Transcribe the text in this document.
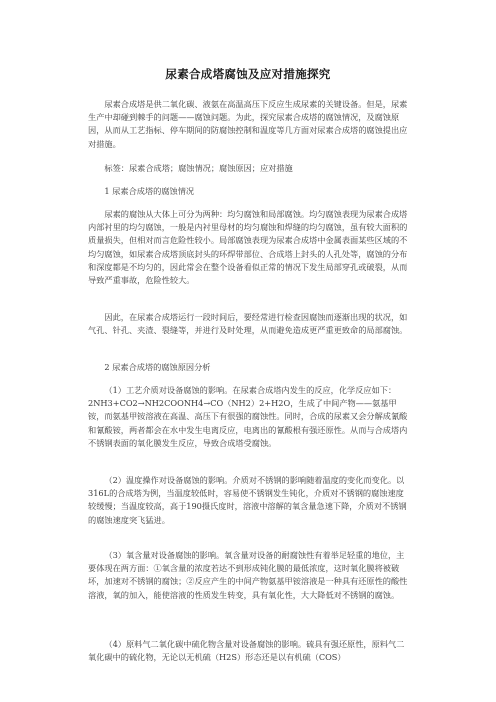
尿素合成塔腐蚀及应对措施探究

尿素合成塔是供二氧化碳、液氨在高温高压下反应生成尿素的关键设备。但是，尿素生产中却碰到棘手的问题——腐蚀问题。为此，探究尿素合成塔的腐蚀情况，及腐蚀原因，从而从工艺指标、停车期间的防腐蚀控制和温度等几方面对尿素合成塔的腐蚀提出应对措施。

标签：尿素合成塔；腐蚀情况；腐蚀原因；应对措施

1 尿素合成塔的腐蚀情况

尿素的腐蚀从大体上可分为两种：均匀腐蚀和局部腐蚀。均匀腐蚀表现为尿素合成塔内部衬里的均匀腐蚀，一般是内衬里母材的均匀腐蚀和焊缝的均匀腐蚀，虽有较大面积的质量损失，但相对而言危险性较小。局部腐蚀表现为尿素合成塔中金属表面某些区域的不均匀腐蚀，如尿素合成塔顶底封头的环焊带部位、合成塔上封头的人孔处等，腐蚀的分布和深度都是不均匀的，因此常会在整个设备看似正常的情况下发生局部穿孔或破裂，从而导致严重事故，危险性较大。

因此，在尿素合成塔运行一段时间后，要经常进行检查因腐蚀而逐渐出现的状况，如气孔、针孔、夹渣、裂缝等，并进行及时处理，从而避免造成更严重更致命的局部腐蚀。

2 尿素合成塔的腐蚀原因分析

（1）工艺介质对设备腐蚀的影响。在尿素合成塔内发生的反应，化学反应如下：2NH3+CO2→NH2COONH4→CO（NH2）2+H2O，生成了中间产物——氨基甲铵，而氨基甲铵溶液在高温、高压下有很强的腐蚀性。同时，合成的尿素又会分解成氰酸和氰酸铵，两者都会在水中发生电离反应，电离出的氰酸根有强还原性。从而与合成塔内不锈钢表面的氧化膜发生反应，导致合成塔受腐蚀。

（2）温度操作对设备腐蚀的影响。介质对不锈钢的影响随着温度的变化而变化。以316L的合成塔为例，当温度较低时，容易使不锈钢发生钝化，介质对不锈钢的腐蚀速度较缓慢；当温度较高，高于190摄氏度时，溶液中溶解的氧含量急速下降，介质对不锈钢的腐蚀速度突飞猛进。

（3）氧含量对设备腐蚀的影响。氧含量对设备的耐腐蚀性有着举足轻重的地位，主要体现在两方面：①氧含量的浓度若达不到形成钝化膜的最低浓度，这时氧化膜将被破坏，加速对不锈钢的腐蚀；②反应产生的中间产物氨基甲铵溶液是一种具有还原性的酸性溶液，氧的加入，能使溶液的性质发生转变，具有氧化性，大大降低对不锈钢的腐蚀。

（4）原料气二氧化碳中硫化物含量对设备腐蚀的影响。硫具有强还原性，原料气二氧化碳中的硫化物，无论以无机硫（H2S）形态还是以有机硫（COS）
